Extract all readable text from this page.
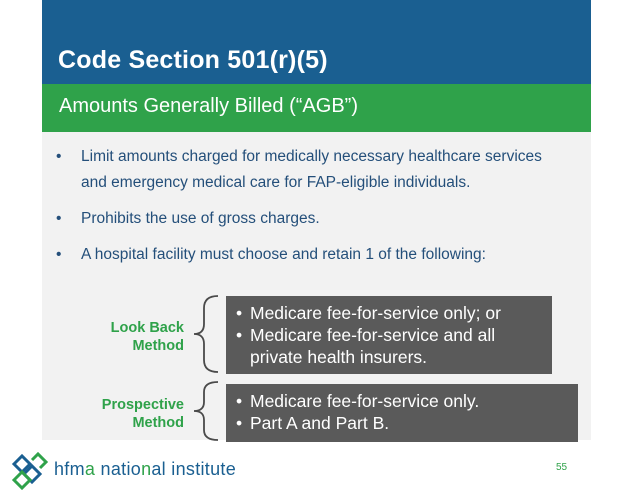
Code Section 501(r)(5)
Amounts Generally Billed (“AGB”)
• Limit amounts charged for medically necessary healthcare services and emergency medical care for FAP-eligible individuals.
• Prohibits the use of gross charges.
• A hospital facility must choose and retain 1 of the following:
Look Back
Method
• Medicare fee-for-service only; or
• Medicare fee-for-service and all private health insurers.
Prospective
Method
• Medicare fee-for-service only.
• Part A and Part B.
hfma national institute	55
